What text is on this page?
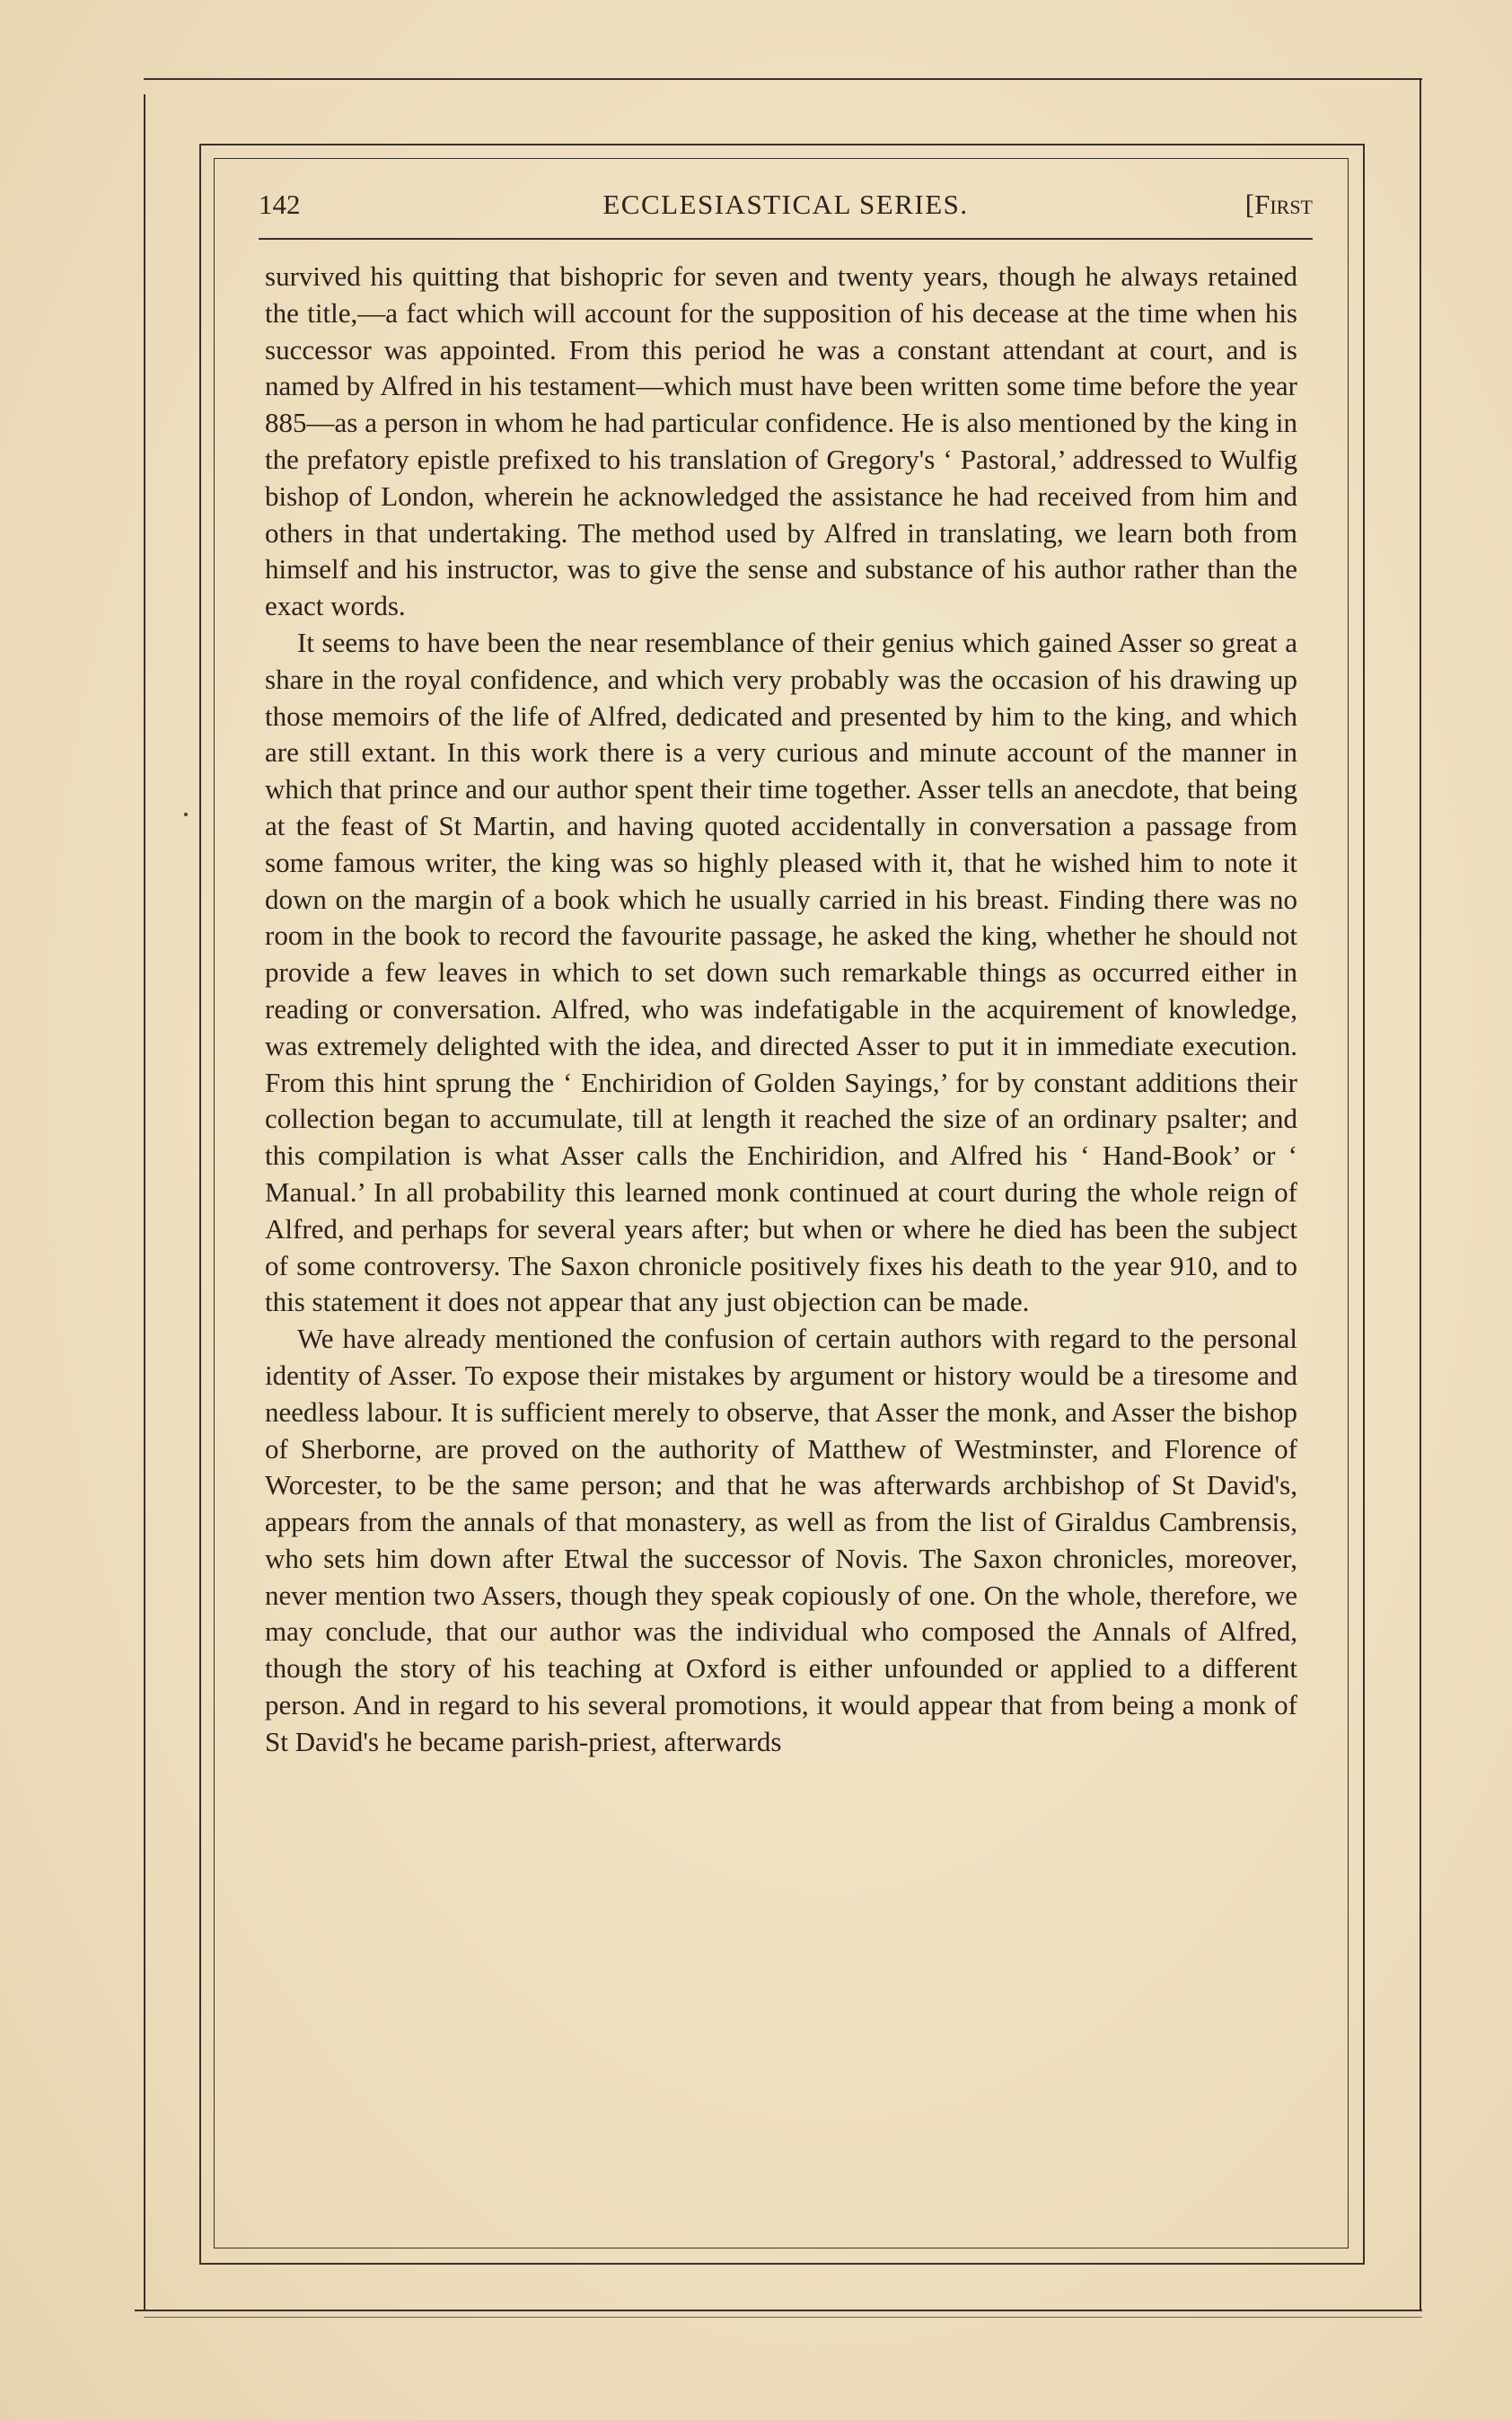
142	ECCLESIASTICAL SERIES.	[First

survived his quitting that bishopric for seven and twenty years, though he always retained the title,—a fact which will account for the supposition of his decease at the time when his successor was appointed. From this period he was a constant attendant at court, and is named by Alfred in his testament—which must have been written some time before the year 885—as a person in whom he had particular confidence. He is also mentioned by the king in the prefatory epistle prefixed to his translation of Gregory's ‘ Pastoral,’ addressed to Wulfig bishop of London, wherein he acknowledged the assistance he had received from him and others in that undertaking. The method used by Alfred in translating, we learn both from himself and his instructor, was to give the sense and substance of his author rather than the exact words.

It seems to have been the near resemblance of their genius which gained Asser so great a share in the royal confidence, and which very probably was the occasion of his drawing up those memoirs of the life of Alfred, dedicated and presented by him to the king, and which are still extant. In this work there is a very curious and minute account of the manner in which that prince and our author spent their time together. Asser tells an anecdote, that being at the feast of St Martin, and having quoted accidentally in conversation a passage from some famous writer, the king was so highly pleased with it, that he wished him to note it down on the margin of a book which he usually carried in his breast. Finding there was no room in the book to record the favourite passage, he asked the king, whether he should not provide a few leaves in which to set down such remarkable things as occurred either in reading or conversation. Alfred, who was indefatigable in the acquirement of knowledge, was extremely delighted with the idea, and directed Asser to put it in immediate execution. From this hint sprung the ‘ Enchiridion of Golden Sayings,’ for by constant additions their collection began to accumulate, till at length it reached the size of an ordinary psalter; and this compilation is what Asser calls the Enchiridion, and Alfred his ‘ Hand-Book’ or ‘ Manual.’ In all probability this learned monk continued at court during the whole reign of Alfred, and perhaps for several years after; but when or where he died has been the subject of some controversy. The Saxon chronicle positively fixes his death to the year 910, and to this statement it does not appear that any just objection can be made.

We have already mentioned the confusion of certain authors with regard to the personal identity of Asser. To expose their mistakes by argument or history would be a tiresome and needless labour. It is sufficient merely to observe, that Asser the monk, and Asser the bishop of Sherborne, are proved on the authority of Matthew of Westminster, and Florence of Worcester, to be the same person; and that he was afterwards archbishop of St David's, appears from the annals of that monastery, as well as from the list of Giraldus Cambrensis, who sets him down after Etwal the successor of Novis. The Saxon chronicles, moreover, never mention two Assers, though they speak copiously of one. On the whole, therefore, we may conclude, that our author was the individual who composed the Annals of Alfred, though the story of his teaching at Oxford is either unfounded or applied to a different person. And in regard to his several promotions, it would appear that from being a monk of St David's he became parish-priest, afterwards
